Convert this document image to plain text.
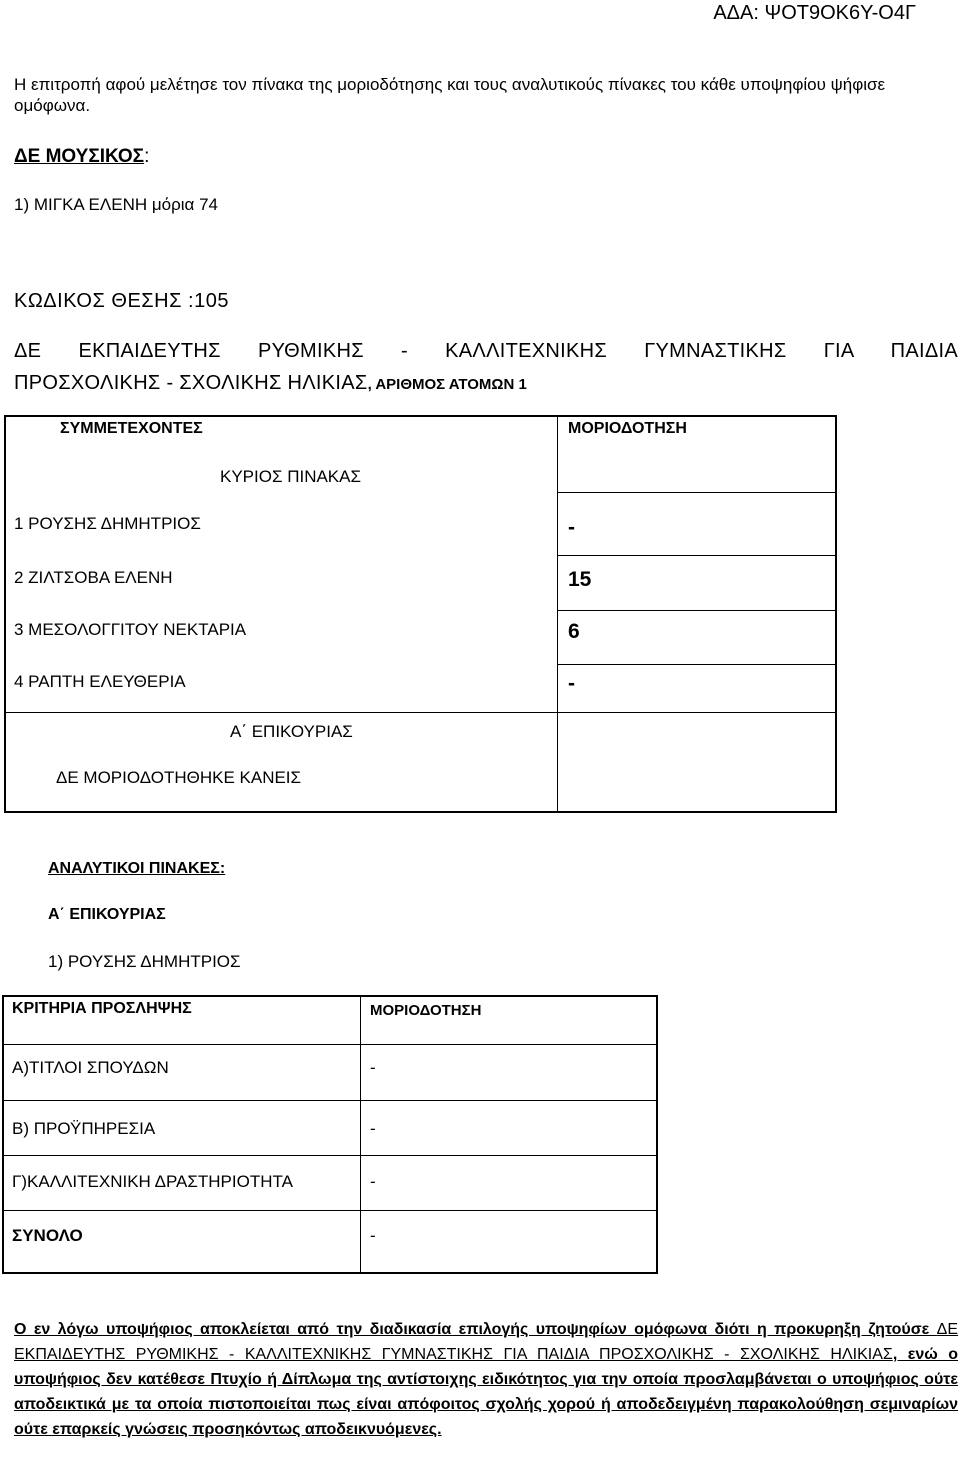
ΑΔΑ: ΨΟΤ9ΟΚ6Υ-Ο4Γ
Η επιτροπή αφού μελέτησε τον πίνακα της μοριοδότησης και τους αναλυτικούς πίνακες του κάθε υποψηφίου ψήφισε ομόφωνα.
ΔΕ ΜΟΥΣΙΚΟΣ:
1) ΜΙΓΚΑ ΕΛΕΝΗ μόρια 74
ΚΩΔΙΚΟΣ ΘΕΣΗΣ :105
ΔΕ ΕΚΠΑΙΔΕΥΤΗΣ ΡΥΘΜΙΚΗΣ - ΚΑΛΛΙΤΕΧΝΙΚΗΣ ΓΥΜΝΑΣΤΙΚΗΣ ΓΙΑ ΠΑΙΔΙΑ
ΠΡΟΣΧΟΛΙΚΗΣ - ΣΧΟΛΙΚΗΣ ΗΛΙΚΙΑΣ, ΑΡΙΘΜΟΣ ΑΤΟΜΩΝ 1
ΣΥΜΜΕΤΕΧΟΝΤΕΣ	ΜΟΡΙΟΔΟΤΗΣΗ
ΚΥΡΙΟΣ ΠΙΝΑΚΑΣ
1 ΡΟΥΣΗΣ ΔΗΜΗΤΡΙΟΣ	-
2 ΖΙΛΤΣΟΒΑ ΕΛΕΝΗ	15
3 ΜΕΣΟΛΟΓΓΙΤΟΥ ΝΕΚΤΑΡΙΑ	6
4 ΡΑΠΤΗ ΕΛΕΥΘΕΡΙΑ	-
Α΄ ΕΠΙΚΟΥΡΙΑΣ
ΔΕ ΜΟΡΙΟΔΟΤΗΘΗΚΕ ΚΑΝΕΙΣ
ΑΝΑΛΥΤΙΚΟΙ ΠΙΝΑΚΕΣ:
Α΄ ΕΠΙΚΟΥΡΙΑΣ
1) ΡΟΥΣΗΣ ΔΗΜΗΤΡΙΟΣ
ΚΡΙΤΗΡΙΑ ΠΡΟΣΛΗΨΗΣ	ΜΟΡΙΟΔΟΤΗΣΗ
Α)ΤΙΤΛΟΙ ΣΠΟΥΔΩΝ	-
Β) ΠΡΟΫΠΗΡΕΣΙΑ	-
Γ)ΚΑΛΛΙΤΕΧΝΙΚΗ ΔΡΑΣΤΗΡΙΟΤΗΤΑ	-
ΣΥΝΟΛΟ	-
Ο εν λόγω υποψήφιος αποκλείεται από την διαδικασία επιλογής υποψηφίων ομόφωνα διότι η προκυρηξη ζητούσε ΔΕ ΕΚΠΑΙΔΕΥΤΗΣ ΡΥΘΜΙΚΗΣ - ΚΑΛΛΙΤΕΧΝΙΚΗΣ ΓΥΜΝΑΣΤΙΚΗΣ ΓΙΑ ΠΑΙΔΙΑ ΠΡΟΣΧΟΛΙΚΗΣ - ΣΧΟΛΙΚΗΣ ΗΛΙΚΙΑΣ, ενώ ο υποψήφιος δεν κατέθεσε Πτυχίο ή Δίπλωμα της αντίστοιχης ειδικότητος για την οποία προσλαμβάνεται ο υποψήφιος ούτε αποδεικτικά με τα οποία πιστοποιείται πως είναι απόφοιτος σχολής χορού ή αποδεδειγμένη παρακολούθηση σεμιναρίων ούτε επαρκείς γνώσεις προσηκόντως αποδεικνυόμενες.
